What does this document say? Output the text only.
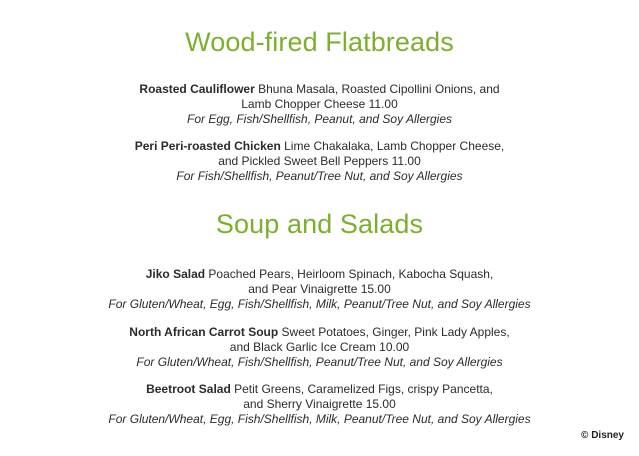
Wood-fired Flatbreads
Roasted Cauliflower Bhuna Masala, Roasted Cipollini Onions, and
Lamb Chopper Cheese 11.00
For Egg, Fish/Shellfish, Peanut, and Soy Allergies
Peri Peri-roasted Chicken Lime Chakalaka, Lamb Chopper Cheese,
and Pickled Sweet Bell Peppers 11.00
For Fish/Shellfish, Peanut/Tree Nut, and Soy Allergies
Soup and Salads
Jiko Salad Poached Pears, Heirloom Spinach, Kabocha Squash,
and Pear Vinaigrette 15.00
For Gluten/Wheat, Egg, Fish/Shellfish, Milk, Peanut/Tree Nut, and Soy Allergies
North African Carrot Soup Sweet Potatoes, Ginger, Pink Lady Apples,
and Black Garlic Ice Cream 10.00
For Gluten/Wheat, Fish/Shellfish, Peanut/Tree Nut, and Soy Allergies
Beetroot Salad Petit Greens, Caramelized Figs, crispy Pancetta,
and Sherry Vinaigrette 15.00
For Gluten/Wheat, Egg, Fish/Shellfish, Milk, Peanut/Tree Nut, and Soy Allergies
© Disney
